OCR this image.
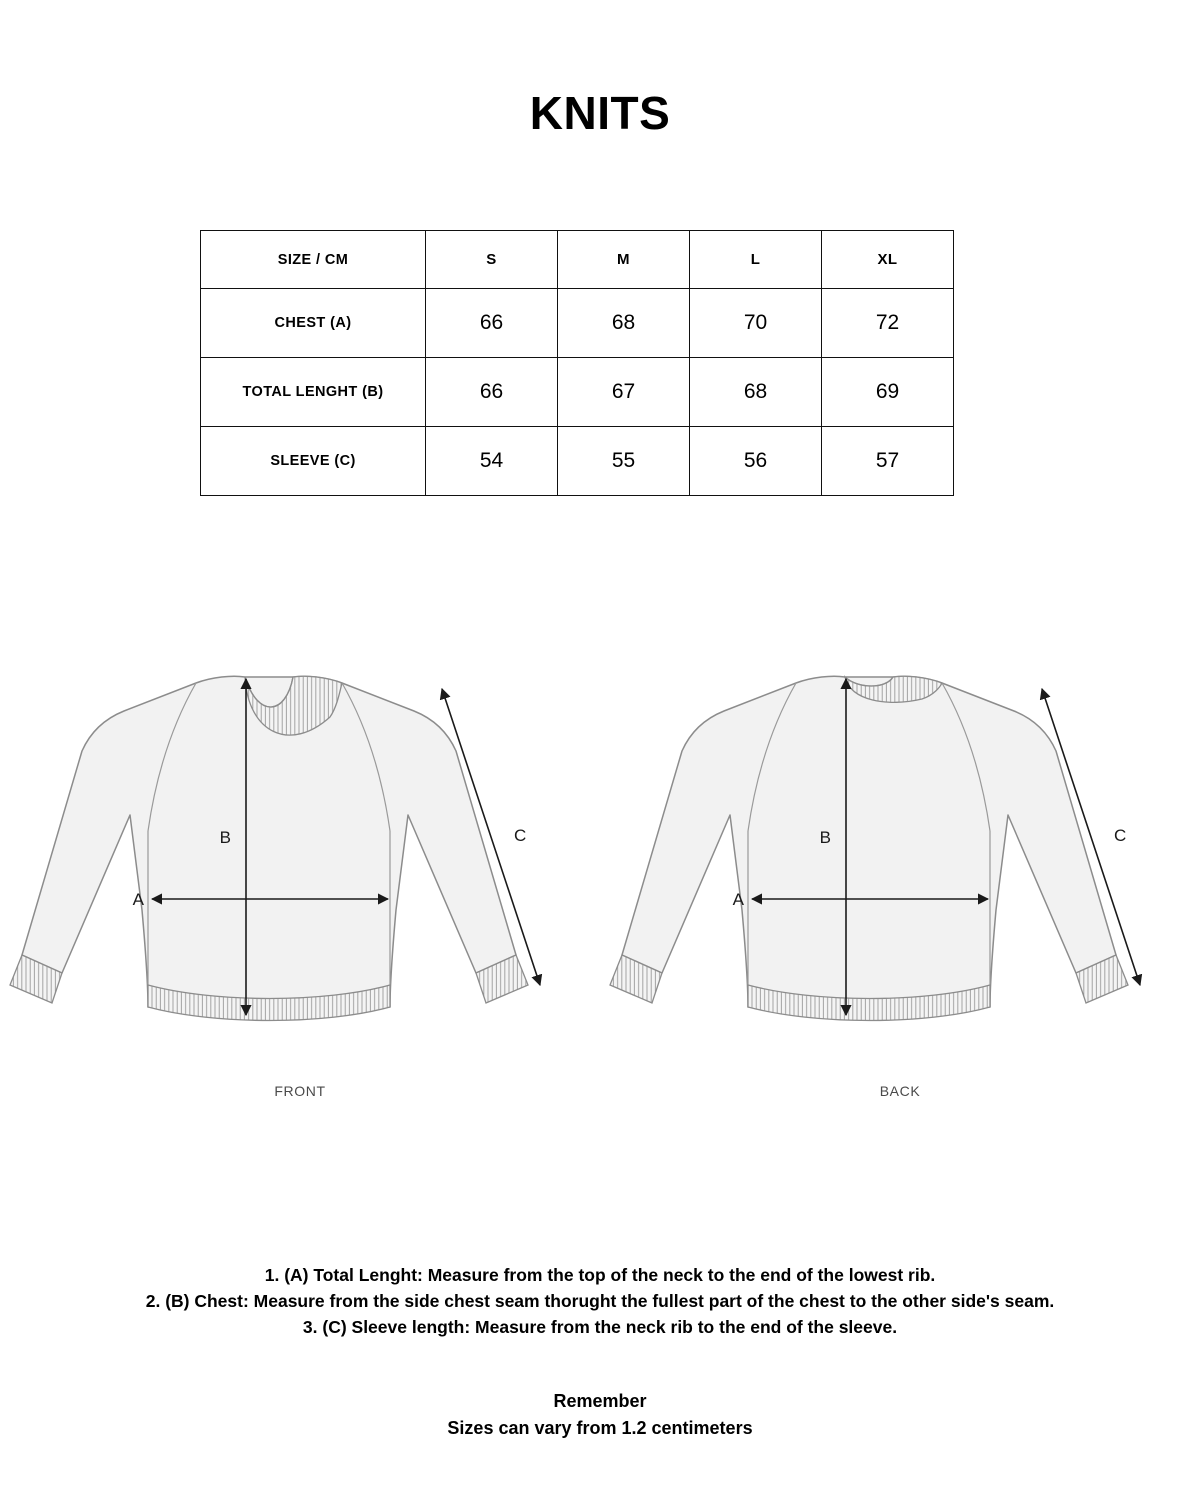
KNITS
SIZE / CM	S	M	L	XL
CHEST (A)	66	68	70	72
TOTAL LENGHT (B)	66	67	68	69
SLEEVE (C)	54	55	56	57
B
A
C
FRONT
B
A
C
BACK
1. (A) Total Lenght: Measure from the top of the neck to the end of the lowest rib.
2. (B) Chest: Measure from the side chest seam thorught the fullest part of the chest to the other side's seam.
3. (C) Sleeve length: Measure from the neck rib to the end of the sleeve.
Remember
Sizes can vary from 1.2 centimeters
